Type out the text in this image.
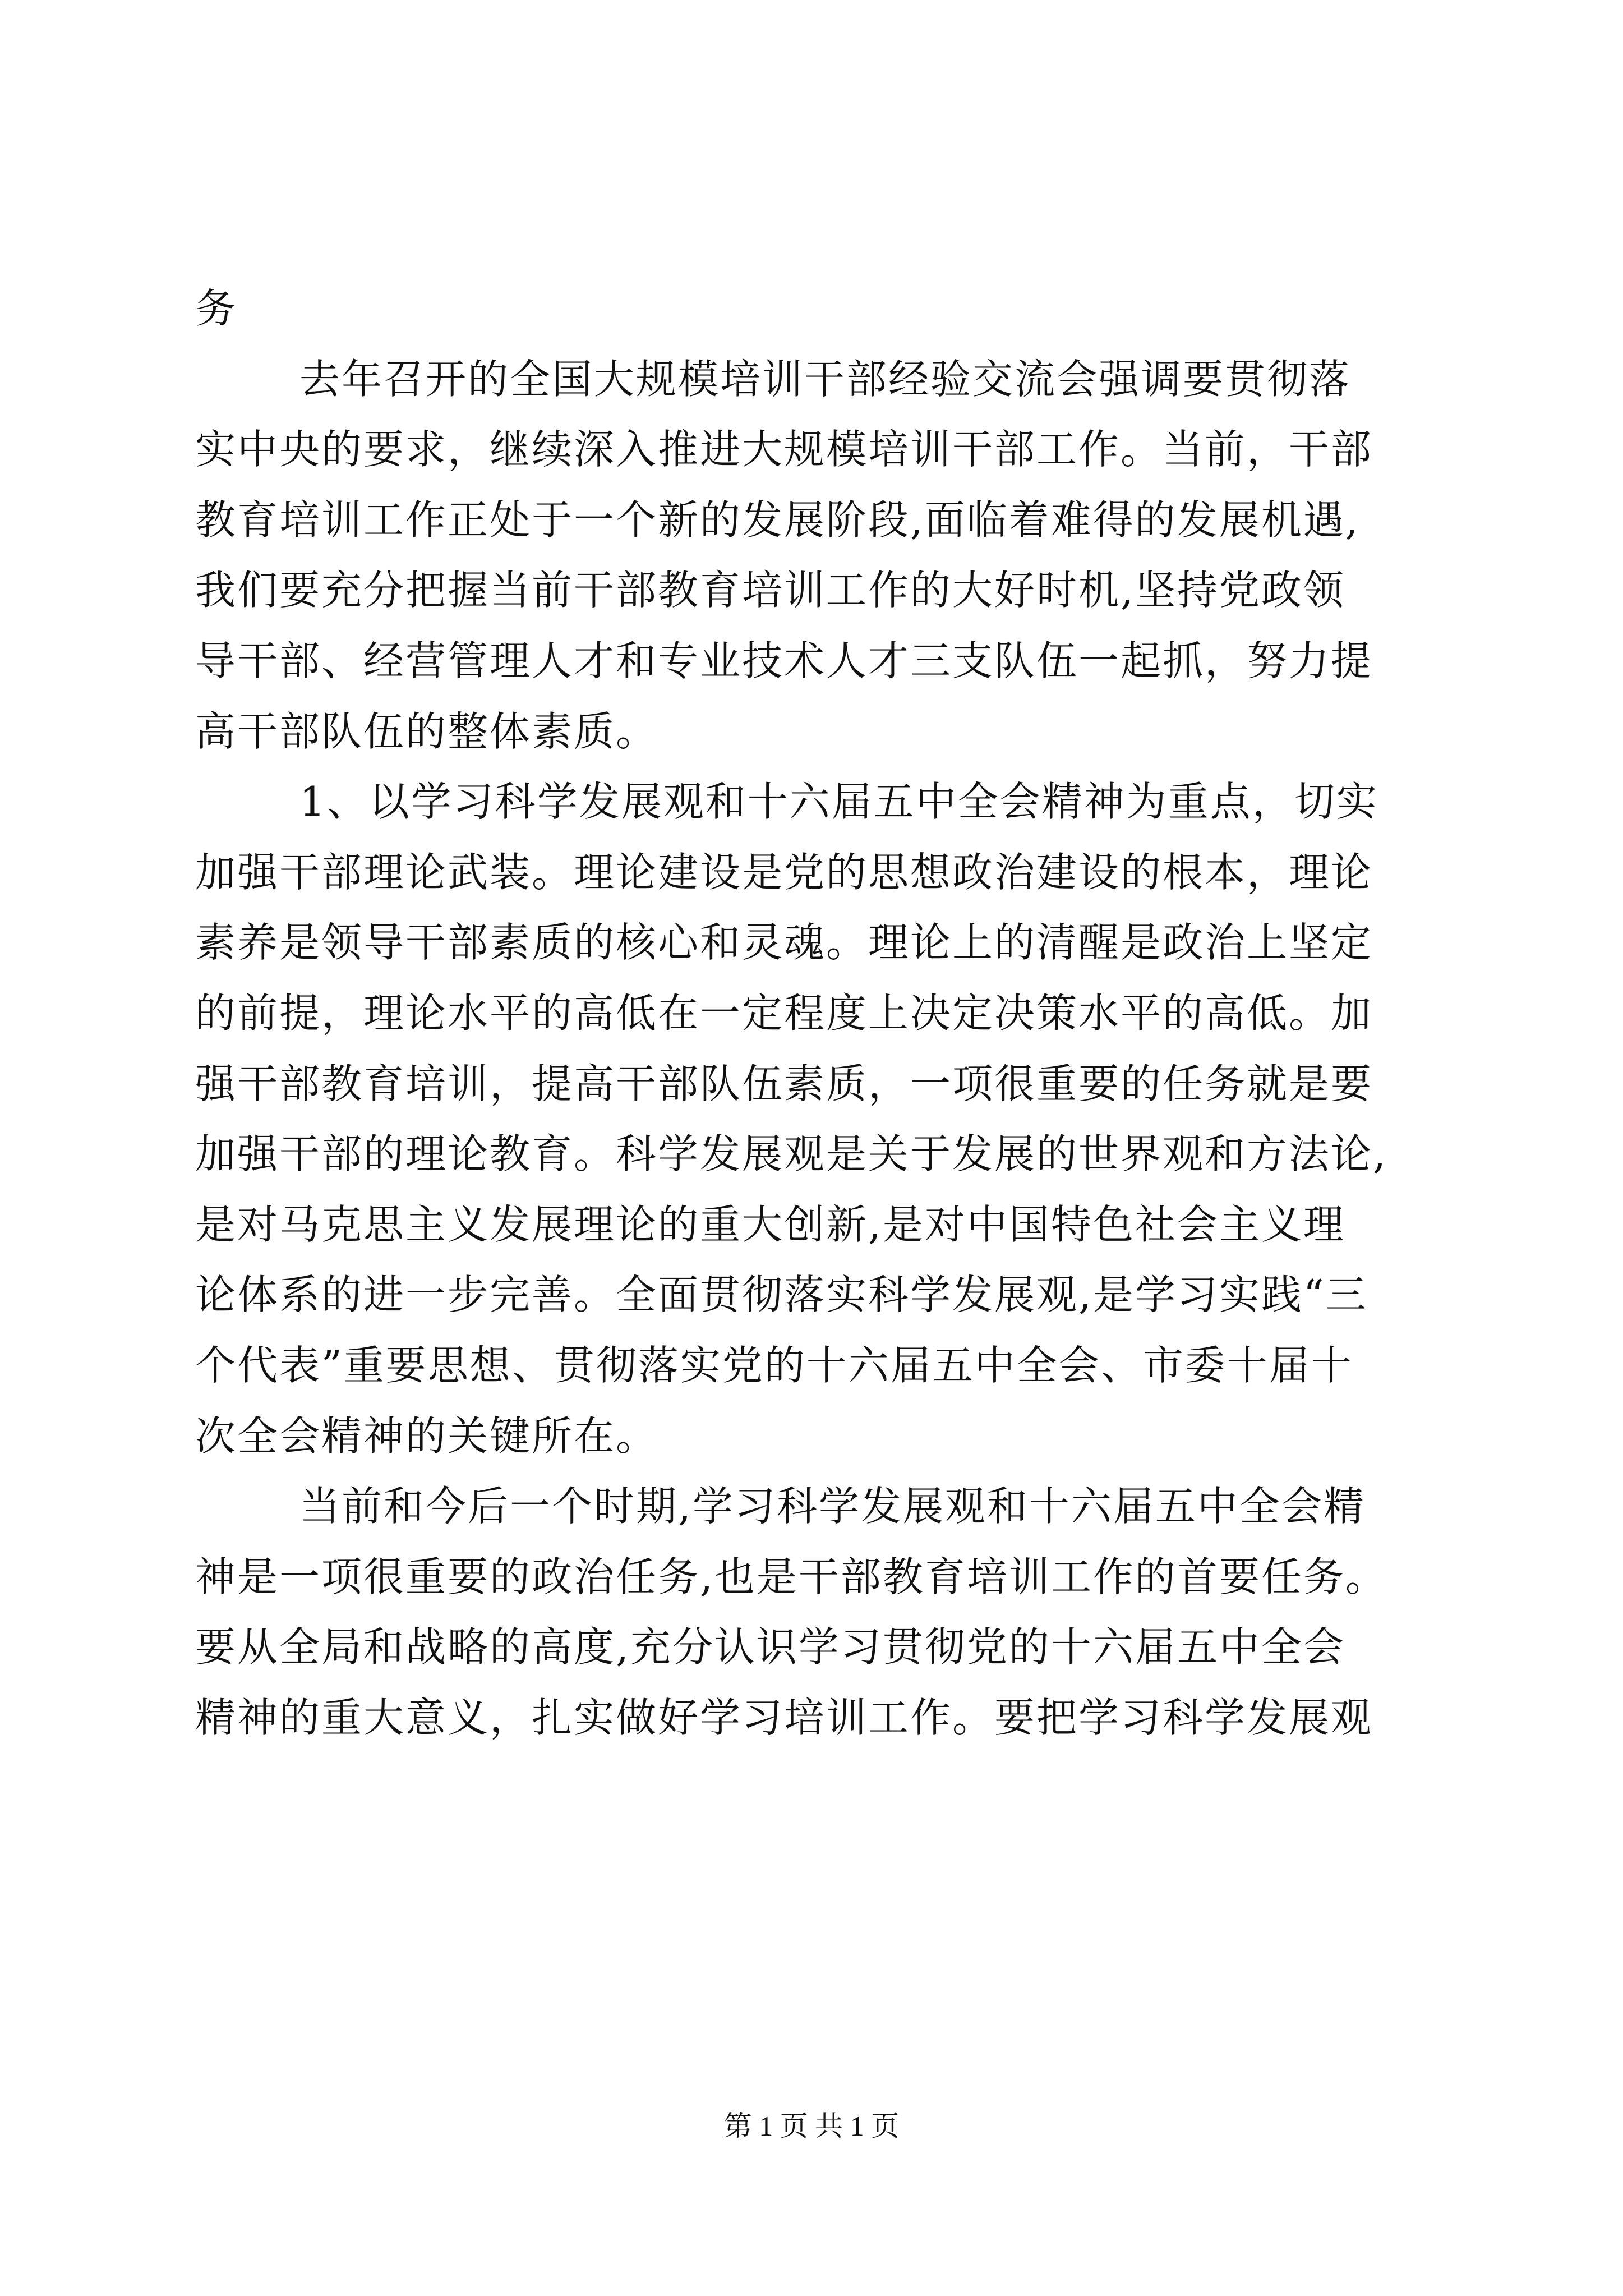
务
去年召开的全国大规模培训干部经验交流会强调要贯彻落
实中央的要求，继续深入推进大规模培训干部工作。当前，干部
教育培训工作正处于一个新的发展阶段,面临着难得的发展机遇,
我们要充分把握当前干部教育培训工作的大好时机,坚持党政领
导干部、经营管理人才和专业技术人才三支队伍一起抓，努力提
高干部队伍的整体素质。
1、以学习科学发展观和十六届五中全会精神为重点，切实
加强干部理论武装。理论建设是党的思想政治建设的根本，理论
素养是领导干部素质的核心和灵魂。理论上的清醒是政治上坚定
的前提，理论水平的高低在一定程度上决定决策水平的高低。加
强干部教育培训，提高干部队伍素质，一项很重要的任务就是要
加强干部的理论教育。科学发展观是关于发展的世界观和方法论,
是对马克思主义发展理论的重大创新,是对中国特色社会主义理
论体系的进一步完善。全面贯彻落实科学发展观,是学习实践“三
个代表”重要思想、贯彻落实党的十六届五中全会、市委十届十
次全会精神的关键所在。
当前和今后一个时期,学习科学发展观和十六届五中全会精
神是一项很重要的政治任务,也是干部教育培训工作的首要任务。
要从全局和战略的高度,充分认识学习贯彻党的十六届五中全会
精神的重大意义，扎实做好学习培训工作。要把学习科学发展观
第 1 页 共 1 页
